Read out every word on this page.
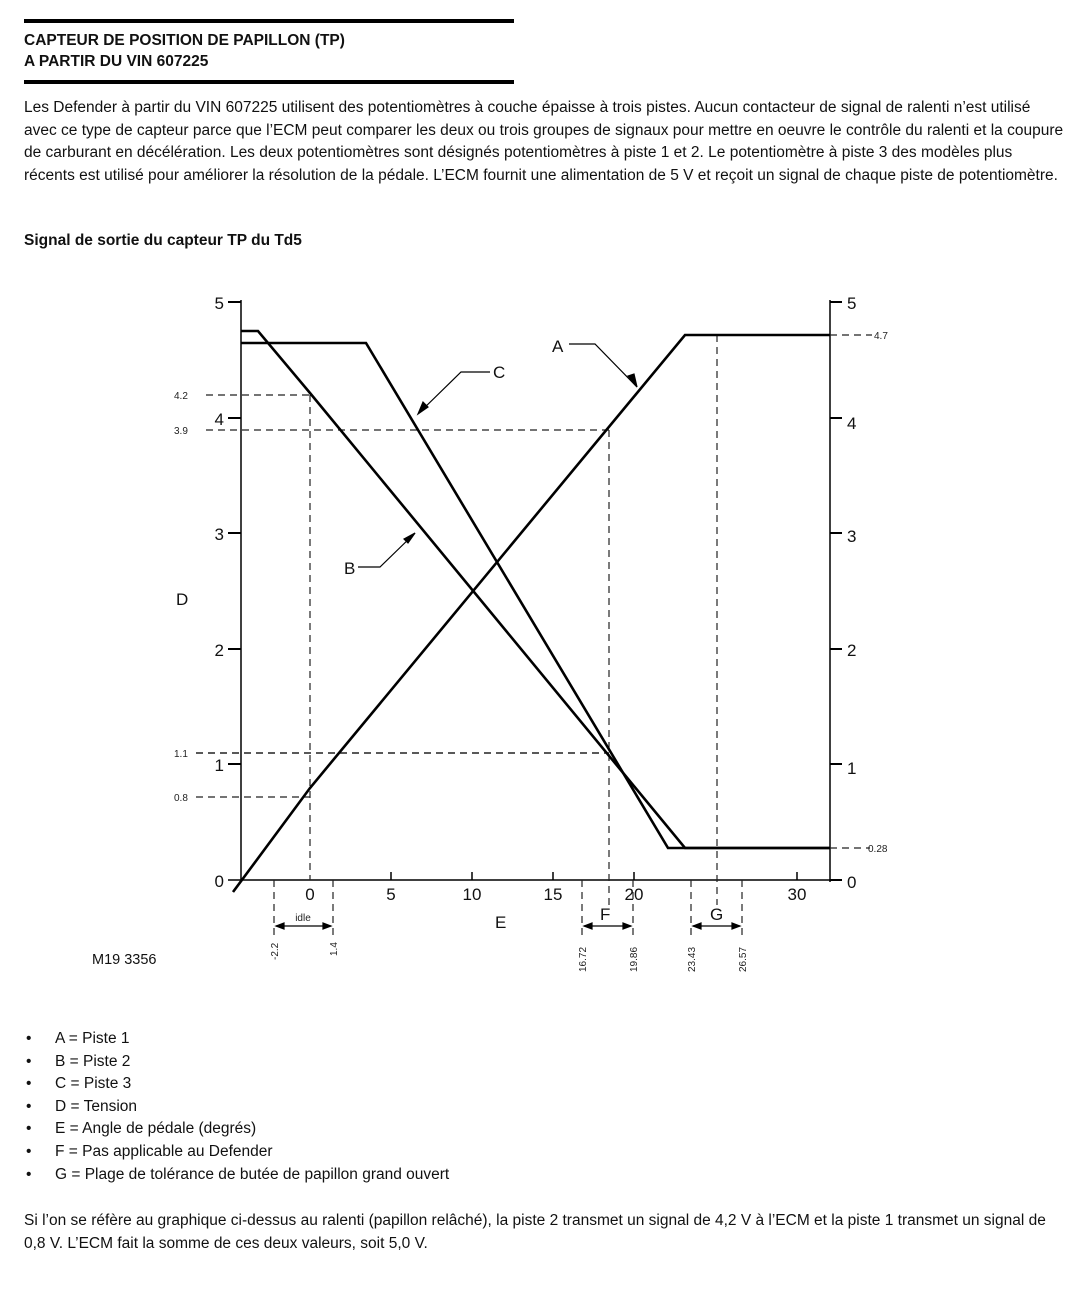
CAPTEUR DE POSITION DE PAPILLON (TP)
A PARTIR DU VIN 607225
Les Defender à partir du VIN 607225 utilisent des potentiomètres à couche épaisse à trois pistes. Aucun contacteur de signal de ralenti n’est utilisé avec ce type de capteur parce que l’ECM peut comparer les deux ou trois groupes de signaux pour mettre en oeuvre le contrôle du ralenti et la coupure de carburant en décélération. Les deux potentiomètres sont désignés potentiomètres à piste 1 et 2. Le potentiomètre à piste 3 des modèles plus récents est utilisé pour améliorer la résolution de la pédale. L’ECM fournit une alimentation de 5 V et reçoit un signal de chaque piste de potentiomètre.
Signal de sortie du capteur TP du Td5
5
4
3
2
1
0
5
4
3
2
1
0
0	5	10	15	20	30
D
E
A
B
C
F	G
4.2
3.9
1.1
0.8
4.7
0.28
idle
-2.2	1.4	16.72	19.86	23.43	26.57
M19 3356
• A = Piste 1
• B = Piste 2
• C = Piste 3
• D = Tension
• E = Angle de pédale (degrés)
• F = Pas applicable au Defender
• G = Plage de tolérance de butée de papillon grand ouvert
Si l’on se réfère au graphique ci-dessus au ralenti (papillon relâché), la piste 2 transmet un signal de 4,2 V à l’ECM et la piste 1 transmet un signal de 0,8 V. L’ECM fait la somme de ces deux valeurs, soit 5,0 V.
